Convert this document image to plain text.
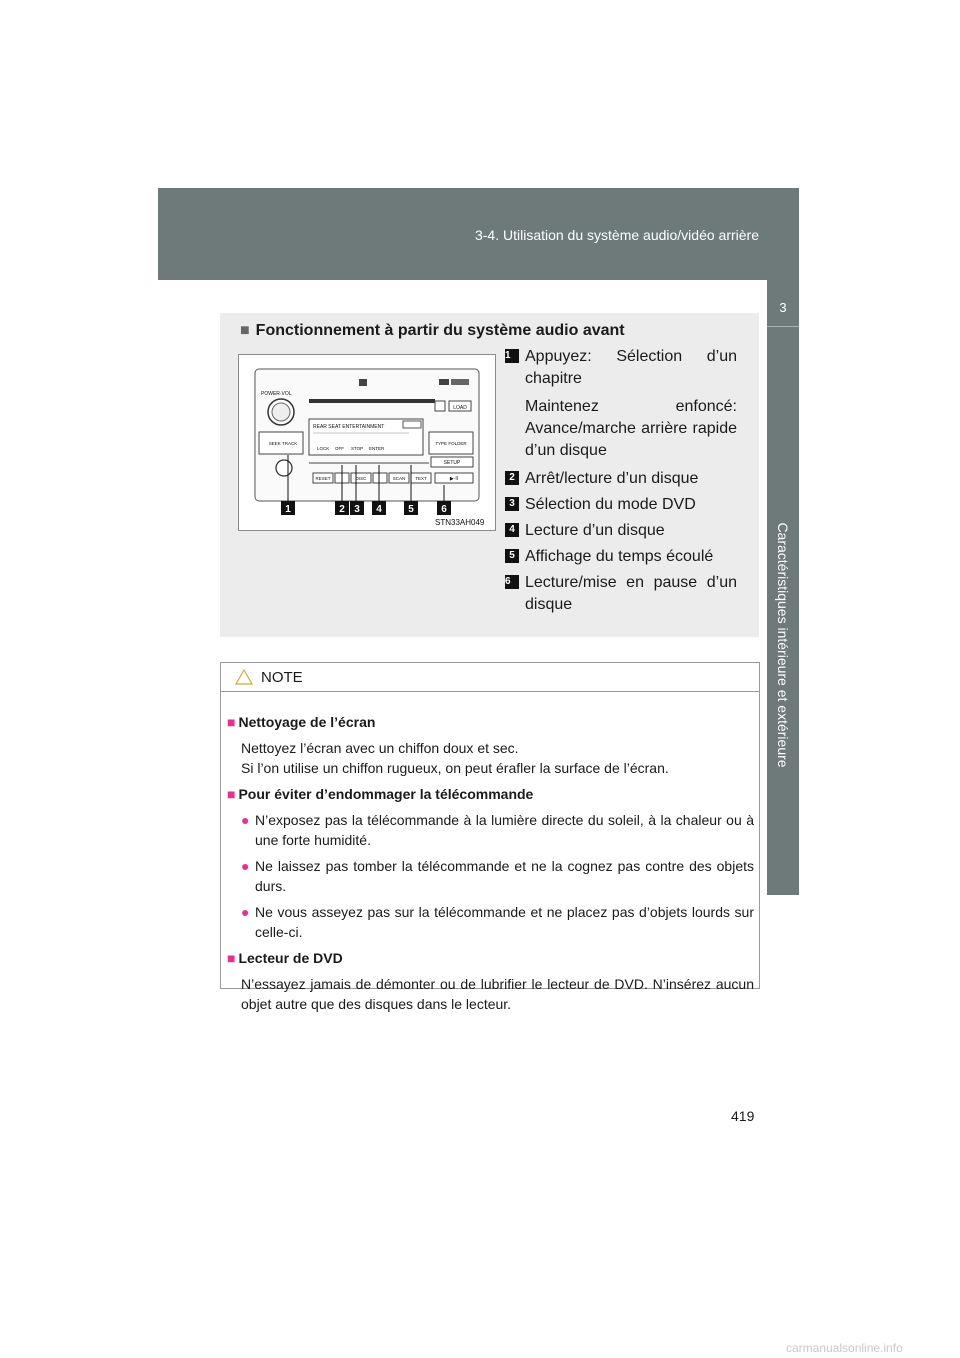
3-4. Utilisation du système audio/vidéo arrière
3
Caractéristiques intérieure et extérieure
■ Fonctionnement à partir du système audio avant
LOAD
POWER·VOL
SEEK TRACK
REAR SEAT ENTERTAINMENT
LOCK OFF STOP ENTER
TYPE FOLDER
SETUP
RESET	DISC	SCAN TEXT	▶·II
1	2 3 4	5	6
STN33AH049
1 Appuyez: Sélection d’un chapitre
Maintenez enfoncé: Avance/marche arrière rapide d’un disque
2 Arrêt/lecture d’un disque
3 Sélection du mode DVD
4 Lecture d’un disque
5 Affichage du temps écoulé
6 Lecture/mise en pause d’un disque
NOTE
■ Nettoyage de l’écran
Nettoyez l’écran avec un chiffon doux et sec.
Si l’on utilise un chiffon rugueux, on peut érafler la surface de l’écran.
■ Pour éviter d’endommager la télécommande
● N’exposez pas la télécommande à la lumière directe du soleil, à la chaleur ou à une forte humidité.
● Ne laissez pas tomber la télécommande et ne la cognez pas contre des objets durs.
● Ne vous asseyez pas sur la télécommande et ne placez pas d’objets lourds sur celle-ci.
■ Lecteur de DVD
N’essayez jamais de démonter ou de lubrifier le lecteur de DVD. N’insérez aucun objet autre que des disques dans le lecteur.
419
carmanualsonline.info
